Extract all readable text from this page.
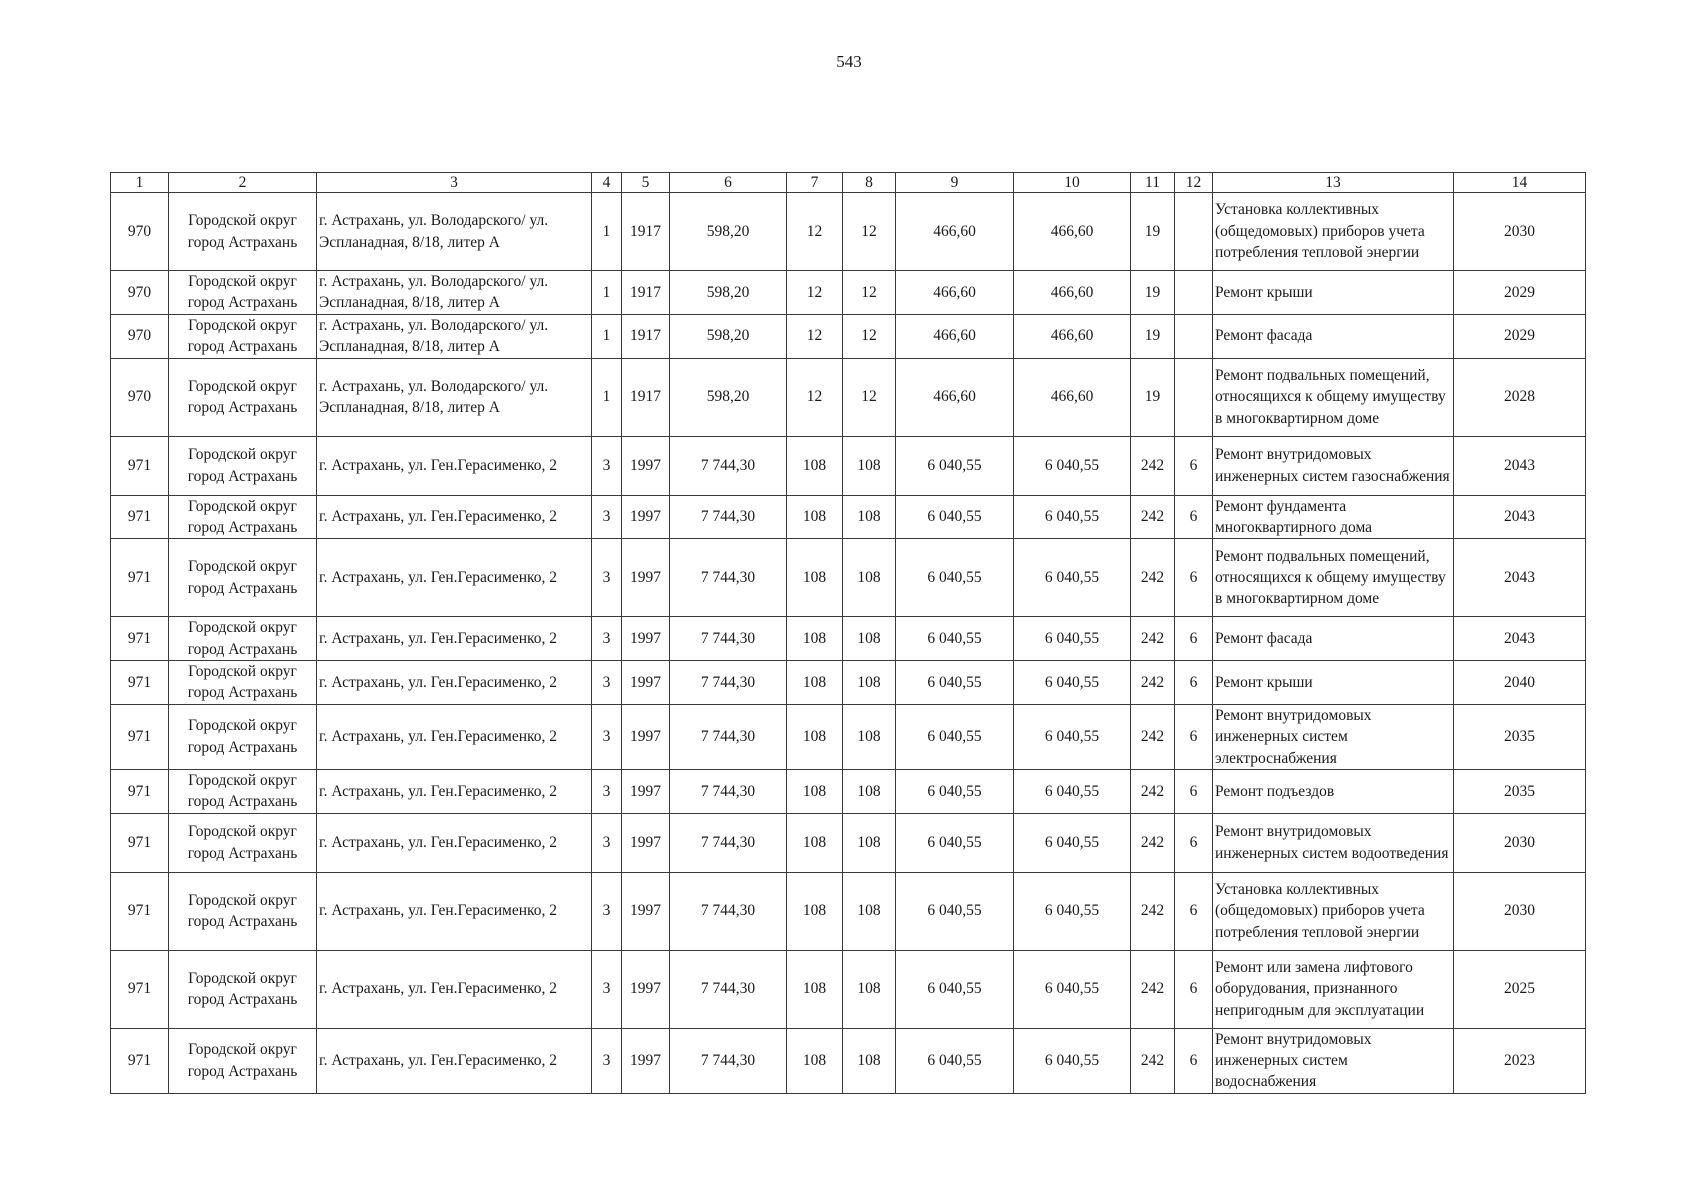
543
1	2	3	4	5	6	7	8	9	10	11	12	13	14
970	Городской округ город Астрахань	г. Астрахань, ул. Володарского/ ул. Эспланадная, 8/18, литер А	1	1917	598,20	12	12	466,60	466,60	19		Установка коллективных (общедомовых) приборов учета потребления тепловой энергии	2030
970	Городской округ город Астрахань	г. Астрахань, ул. Володарского/ ул. Эспланадная, 8/18, литер А	1	1917	598,20	12	12	466,60	466,60	19		Ремонт крыши	2029
970	Городской округ город Астрахань	г. Астрахань, ул. Володарского/ ул. Эспланадная, 8/18, литер А	1	1917	598,20	12	12	466,60	466,60	19		Ремонт фасада	2029
970	Городской округ город Астрахань	г. Астрахань, ул. Володарского/ ул. Эспланадная, 8/18, литер А	1	1917	598,20	12	12	466,60	466,60	19		Ремонт подвальных помещений, относящихся к общему имуществу в многоквартирном доме	2028
971	Городской округ город Астрахань	г. Астрахань, ул. Ген.Герасименко, 2	3	1997	7 744,30	108	108	6 040,55	6 040,55	242	6	Ремонт внутридомовых инженерных систем газоснабжения	2043
971	Городской округ город Астрахань	г. Астрахань, ул. Ген.Герасименко, 2	3	1997	7 744,30	108	108	6 040,55	6 040,55	242	6	Ремонт фундамента многоквартирного дома	2043
971	Городской округ город Астрахань	г. Астрахань, ул. Ген.Герасименко, 2	3	1997	7 744,30	108	108	6 040,55	6 040,55	242	6	Ремонт подвальных помещений, относящихся к общему имуществу в многоквартирном доме	2043
971	Городской округ город Астрахань	г. Астрахань, ул. Ген.Герасименко, 2	3	1997	7 744,30	108	108	6 040,55	6 040,55	242	6	Ремонт фасада	2043
971	Городской округ город Астрахань	г. Астрахань, ул. Ген.Герасименко, 2	3	1997	7 744,30	108	108	6 040,55	6 040,55	242	6	Ремонт крыши	2040
971	Городской округ город Астрахань	г. Астрахань, ул. Ген.Герасименко, 2	3	1997	7 744,30	108	108	6 040,55	6 040,55	242	6	Ремонт внутридомовых инженерных систем электроснабжения	2035
971	Городской округ город Астрахань	г. Астрахань, ул. Ген.Герасименко, 2	3	1997	7 744,30	108	108	6 040,55	6 040,55	242	6	Ремонт подъездов	2035
971	Городской округ город Астрахань	г. Астрахань, ул. Ген.Герасименко, 2	3	1997	7 744,30	108	108	6 040,55	6 040,55	242	6	Ремонт внутридомовых инженерных систем водоотведения	2030
971	Городской округ город Астрахань	г. Астрахань, ул. Ген.Герасименко, 2	3	1997	7 744,30	108	108	6 040,55	6 040,55	242	6	Установка коллективных (общедомовых) приборов учета потребления тепловой энергии	2030
971	Городской округ город Астрахань	г. Астрахань, ул. Ген.Герасименко, 2	3	1997	7 744,30	108	108	6 040,55	6 040,55	242	6	Ремонт или замена лифтового оборудования, признанного непригодным для эксплуатации	2025
971	Городской округ город Астрахань	г. Астрахань, ул. Ген.Герасименко, 2	3	1997	7 744,30	108	108	6 040,55	6 040,55	242	6	Ремонт внутридомовых инженерных систем водоснабжения	2023
